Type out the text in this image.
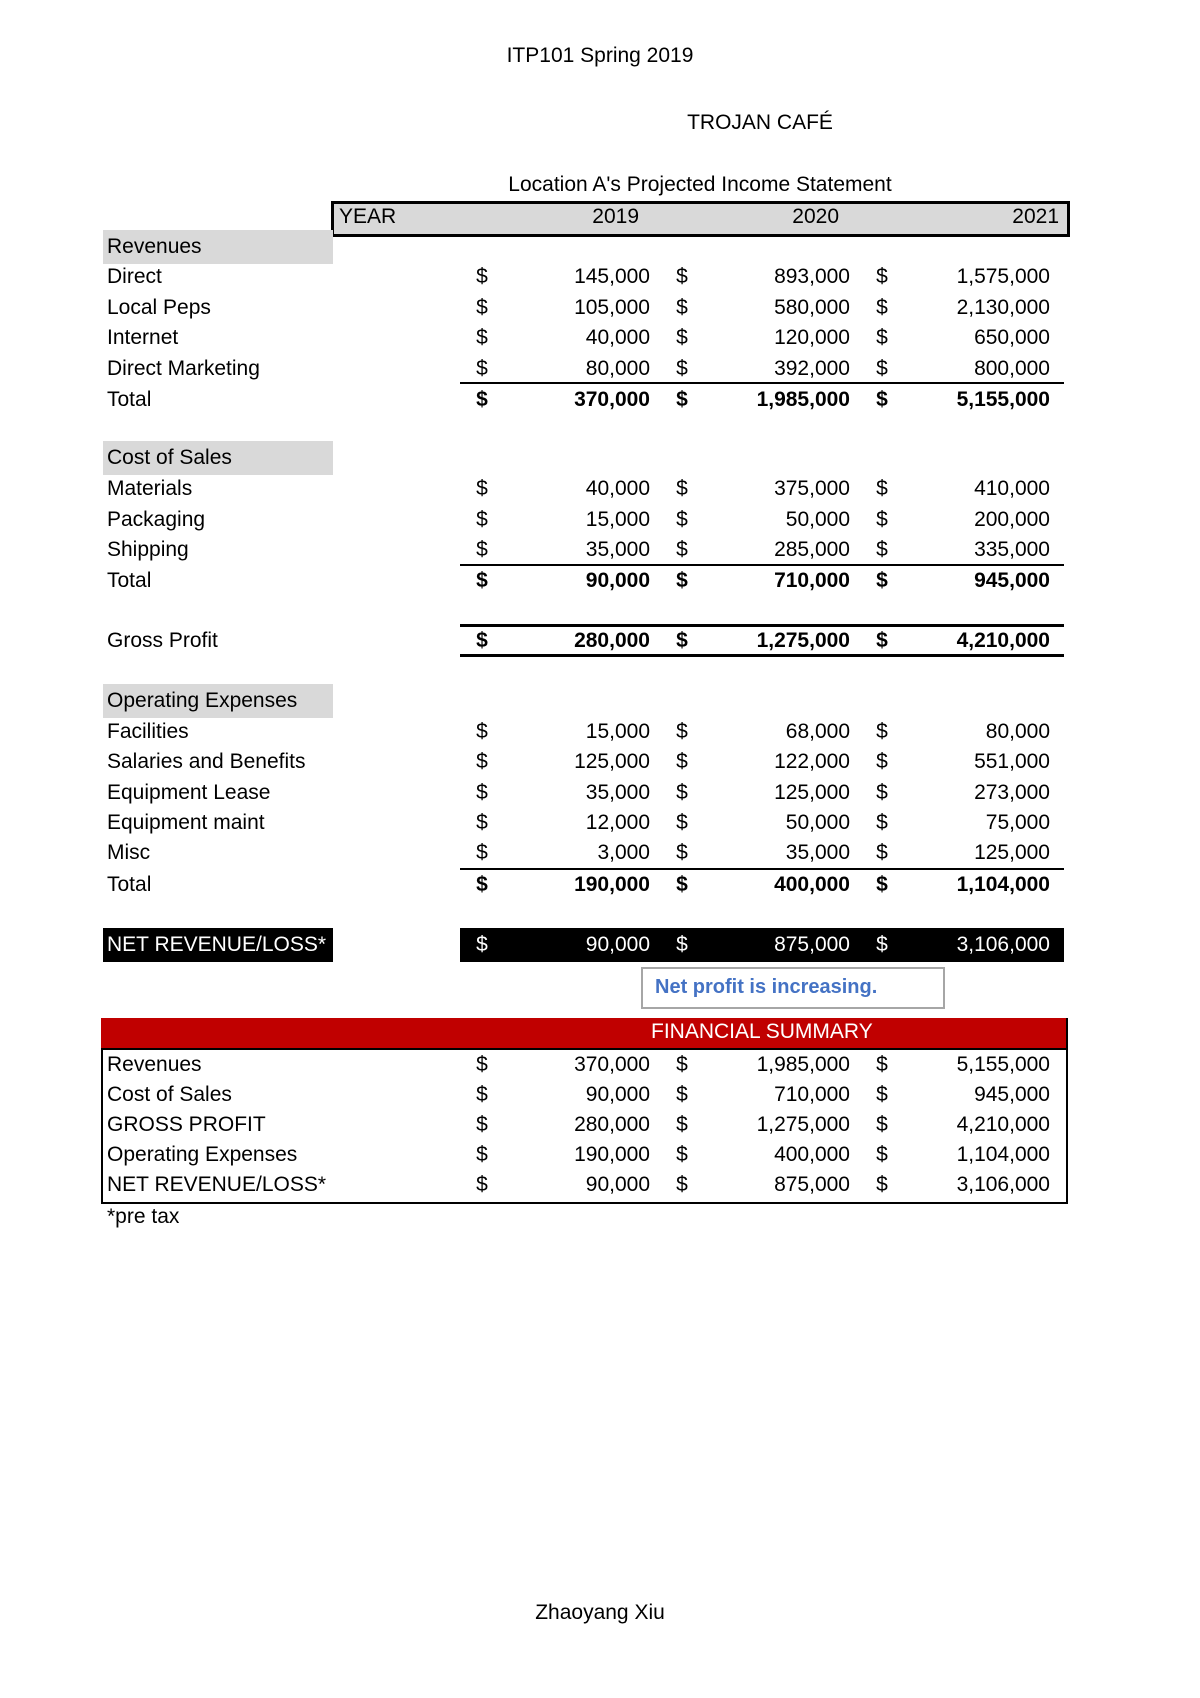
ITP101 Spring 2019
TROJAN CAFÉ
Location A's Projected Income Statement
YEAR	2019	2020	2021
Net profit is increasing.
FINANCIAL SUMMARY
*pre tax
Zhaoyang Xiu
Revenues
Cost of Sales
Operating Expenses
Direct	$	145,000 $	893,000 $	1,575,000
Local Peps	$	105,000 $	580,000 $	2,130,000
Internet	$	40,000 $	120,000 $	650,000
Direct Marketing	$	80,000 $	392,000 $	800,000
Total	$	370,000 $	1,985,000 $	5,155,000
Materials	$	40,000 $	375,000 $	410,000
Packaging	$	15,000 $	50,000 $	200,000
Shipping	$	35,000 $	285,000 $	335,000
Total	$	90,000 $	710,000 $	945,000
Gross Profit	$	280,000 $	1,275,000 $	4,210,000
Facilities	$	15,000 $	68,000 $	80,000
Salaries and Benefits	$	125,000 $	122,000 $	551,000
Equipment Lease	$	35,000 $	125,000 $	273,000
Equipment maint	$	12,000 $	50,000 $	75,000
Misc	$	3,000 $	35,000 $	125,000
Total	$	190,000 $	400,000 $	1,104,000
NET REVENUE/LOSS*	$	90,000 $	875,000 $	3,106,000
Revenues	$	370,000 $	1,985,000 $	5,155,000
Cost of Sales	$	90,000 $	710,000 $	945,000
GROSS PROFIT	$	280,000 $	1,275,000 $	4,210,000
Operating Expenses	$	190,000 $	400,000 $	1,104,000
NET REVENUE/LOSS*	$	90,000 $	875,000 $	3,106,000
